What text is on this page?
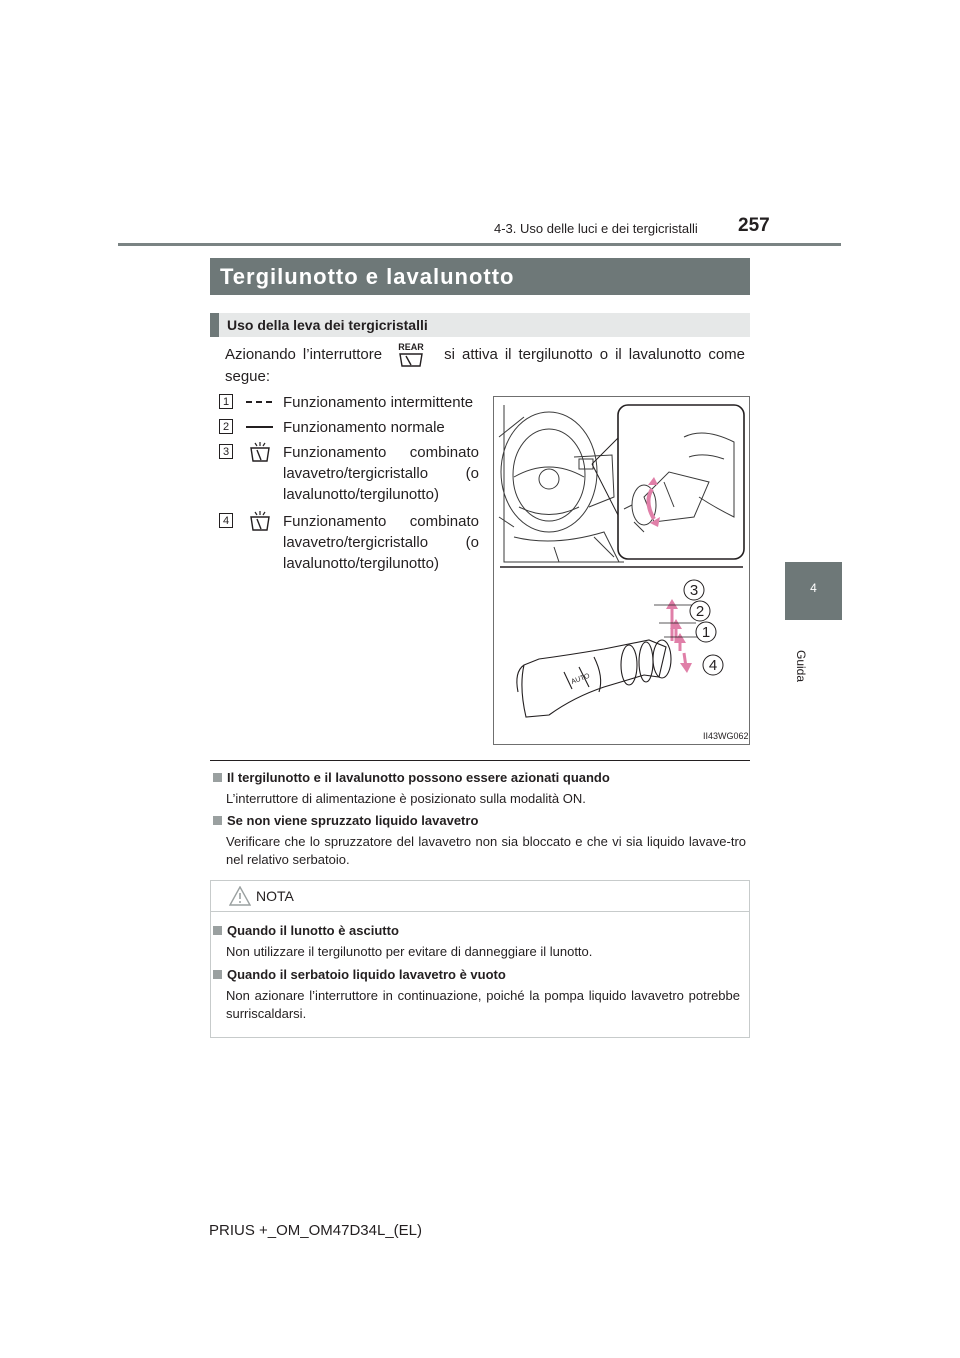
257
4-3. Uso delle luci e dei tergicristalli
4
Guida
Tergilunotto e lavalunotto
Uso della leva dei tergicristalli
Azionando l’interruttore REAR si attiva il tergilunotto o il lavalunotto come segue:
1	Funzionamento intermittente
2	Funzionamento normale
3	Funzionamento combinato lavavetro/tergicristallo (o lavalunotto/tergilunotto)
4	Funzionamento combinato lavavetro/tergicristallo (o lavalunotto/tergilunotto)
AUTO
3
2
1
4
II43WG062
Il tergilunotto e il lavalunotto possono essere azionati quando
L’interruttore di alimentazione è posizionato sulla modalità ON.
Se non viene spruzzato liquido lavavetro
Verificare che lo spruzzatore del lavavetro non sia bloccato e che vi sia liquido lavave-tro nel relativo serbatoio.
NOTA
Quando il lunotto è asciutto
Non utilizzare il tergilunotto per evitare di danneggiare il lunotto.
Quando il serbatoio liquido lavavetro è vuoto
Non azionare l’interruttore in continuazione, poiché la pompa liquido lavavetro potrebbe surriscaldarsi.
PRIUS +_OM_OM47D34L_(EL)
